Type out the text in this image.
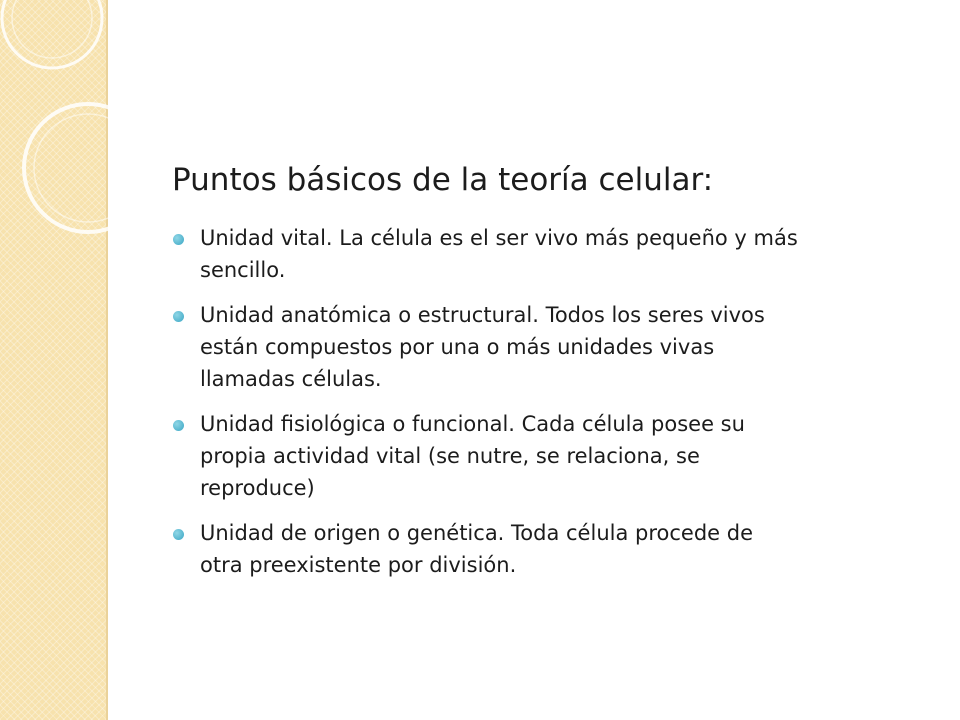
Puntos básicos de la teoría celular:
Unidad vital. La célula es el ser vivo más pequeño y más
sencillo.
Unidad anatómica o estructural. Todos los seres vivos
están compuestos por una o más unidades vivas
llamadas células.
Unidad fisiológica o funcional. Cada célula posee su
propia actividad vital (se nutre, se relaciona, se
reproduce)
Unidad de origen o genética. Toda célula procede de
otra preexistente por división.
